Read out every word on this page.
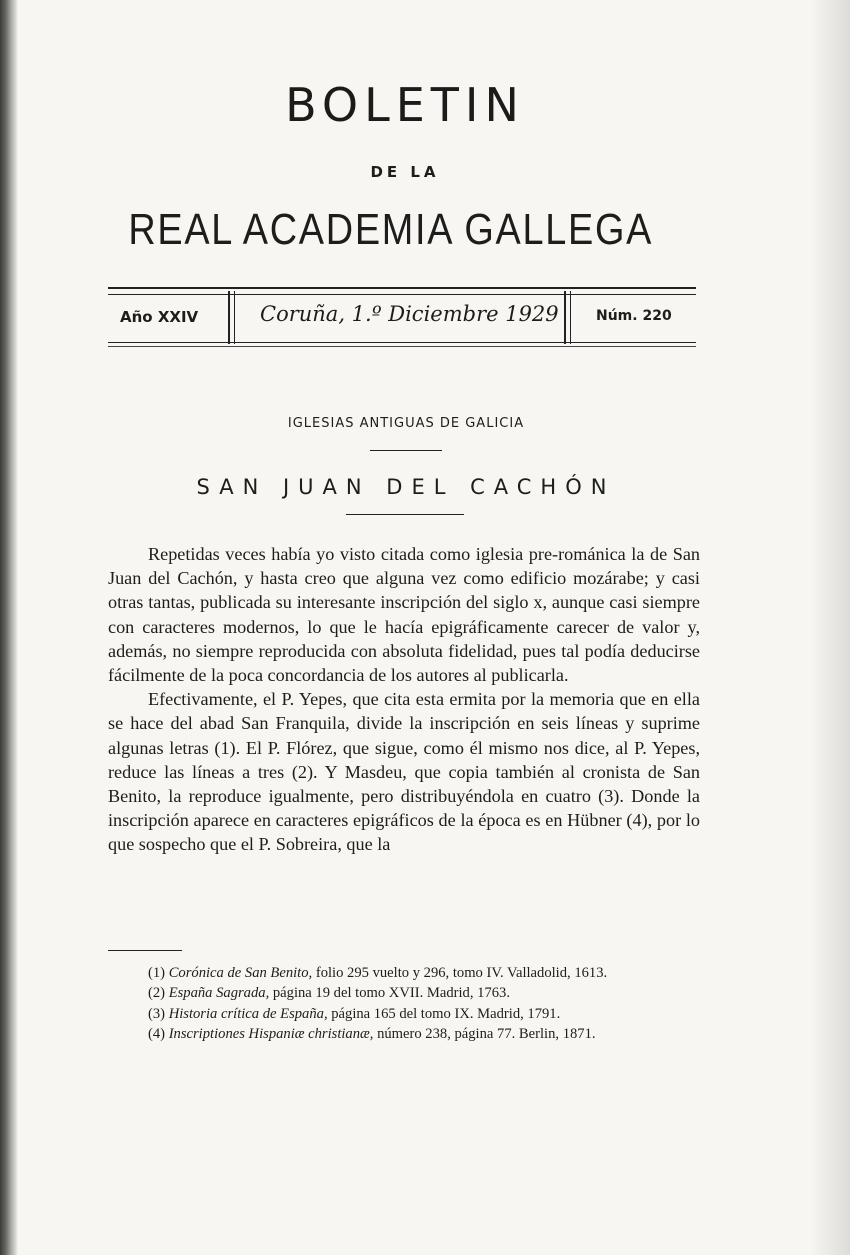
BOLETIN
DE LA
REAL ACADEMIA GALLEGA
Año XXIV	Coruña, 1.º Diciembre 1929	Núm. 220
IGLESIAS ANTIGUAS DE GALICIA
SAN JUAN DEL CACHÓN

Repetidas veces había yo visto citada como iglesia pre-románica la de San Juan del Cachón, y hasta creo que alguna vez como edificio mozárabe; y casi otras tantas, publicada su interesante inscripción del siglo x, aunque casi siempre con caracteres modernos, lo que le hacía epigráficamente carecer de valor y, además, no siempre reproducida con absoluta fidelidad, pues tal podía deducirse fácilmente de la poca concordancia de los autores al publicarla.

Efectivamente, el P. Yepes, que cita esta ermita por la memoria que en ella se hace del abad San Franquila, divide la inscripción en seis líneas y suprime algunas letras (1). El P. Flórez, que sigue, como él mismo nos dice, al P. Yepes, reduce las líneas a tres (2). Y Masdeu, que copia también al cronista de San Benito, la reproduce igualmente, pero distribuyéndola en cuatro (3). Donde la inscripción aparece en caracteres epigráficos de la época es en Hübner (4), por lo que sospecho que el P. Sobreira, que la

(1) Corónica de San Benito, folio 295 vuelto y 296, tomo IV. Valladolid, 1613.

(2) España Sagrada, página 19 del tomo XVII. Madrid, 1763.

(3) Historia crítica de España, página 165 del tomo IX. Madrid, 1791.

(4) Inscriptiones Hispaniæ christianæ, número 238, página 77. Berlin, 1871.
